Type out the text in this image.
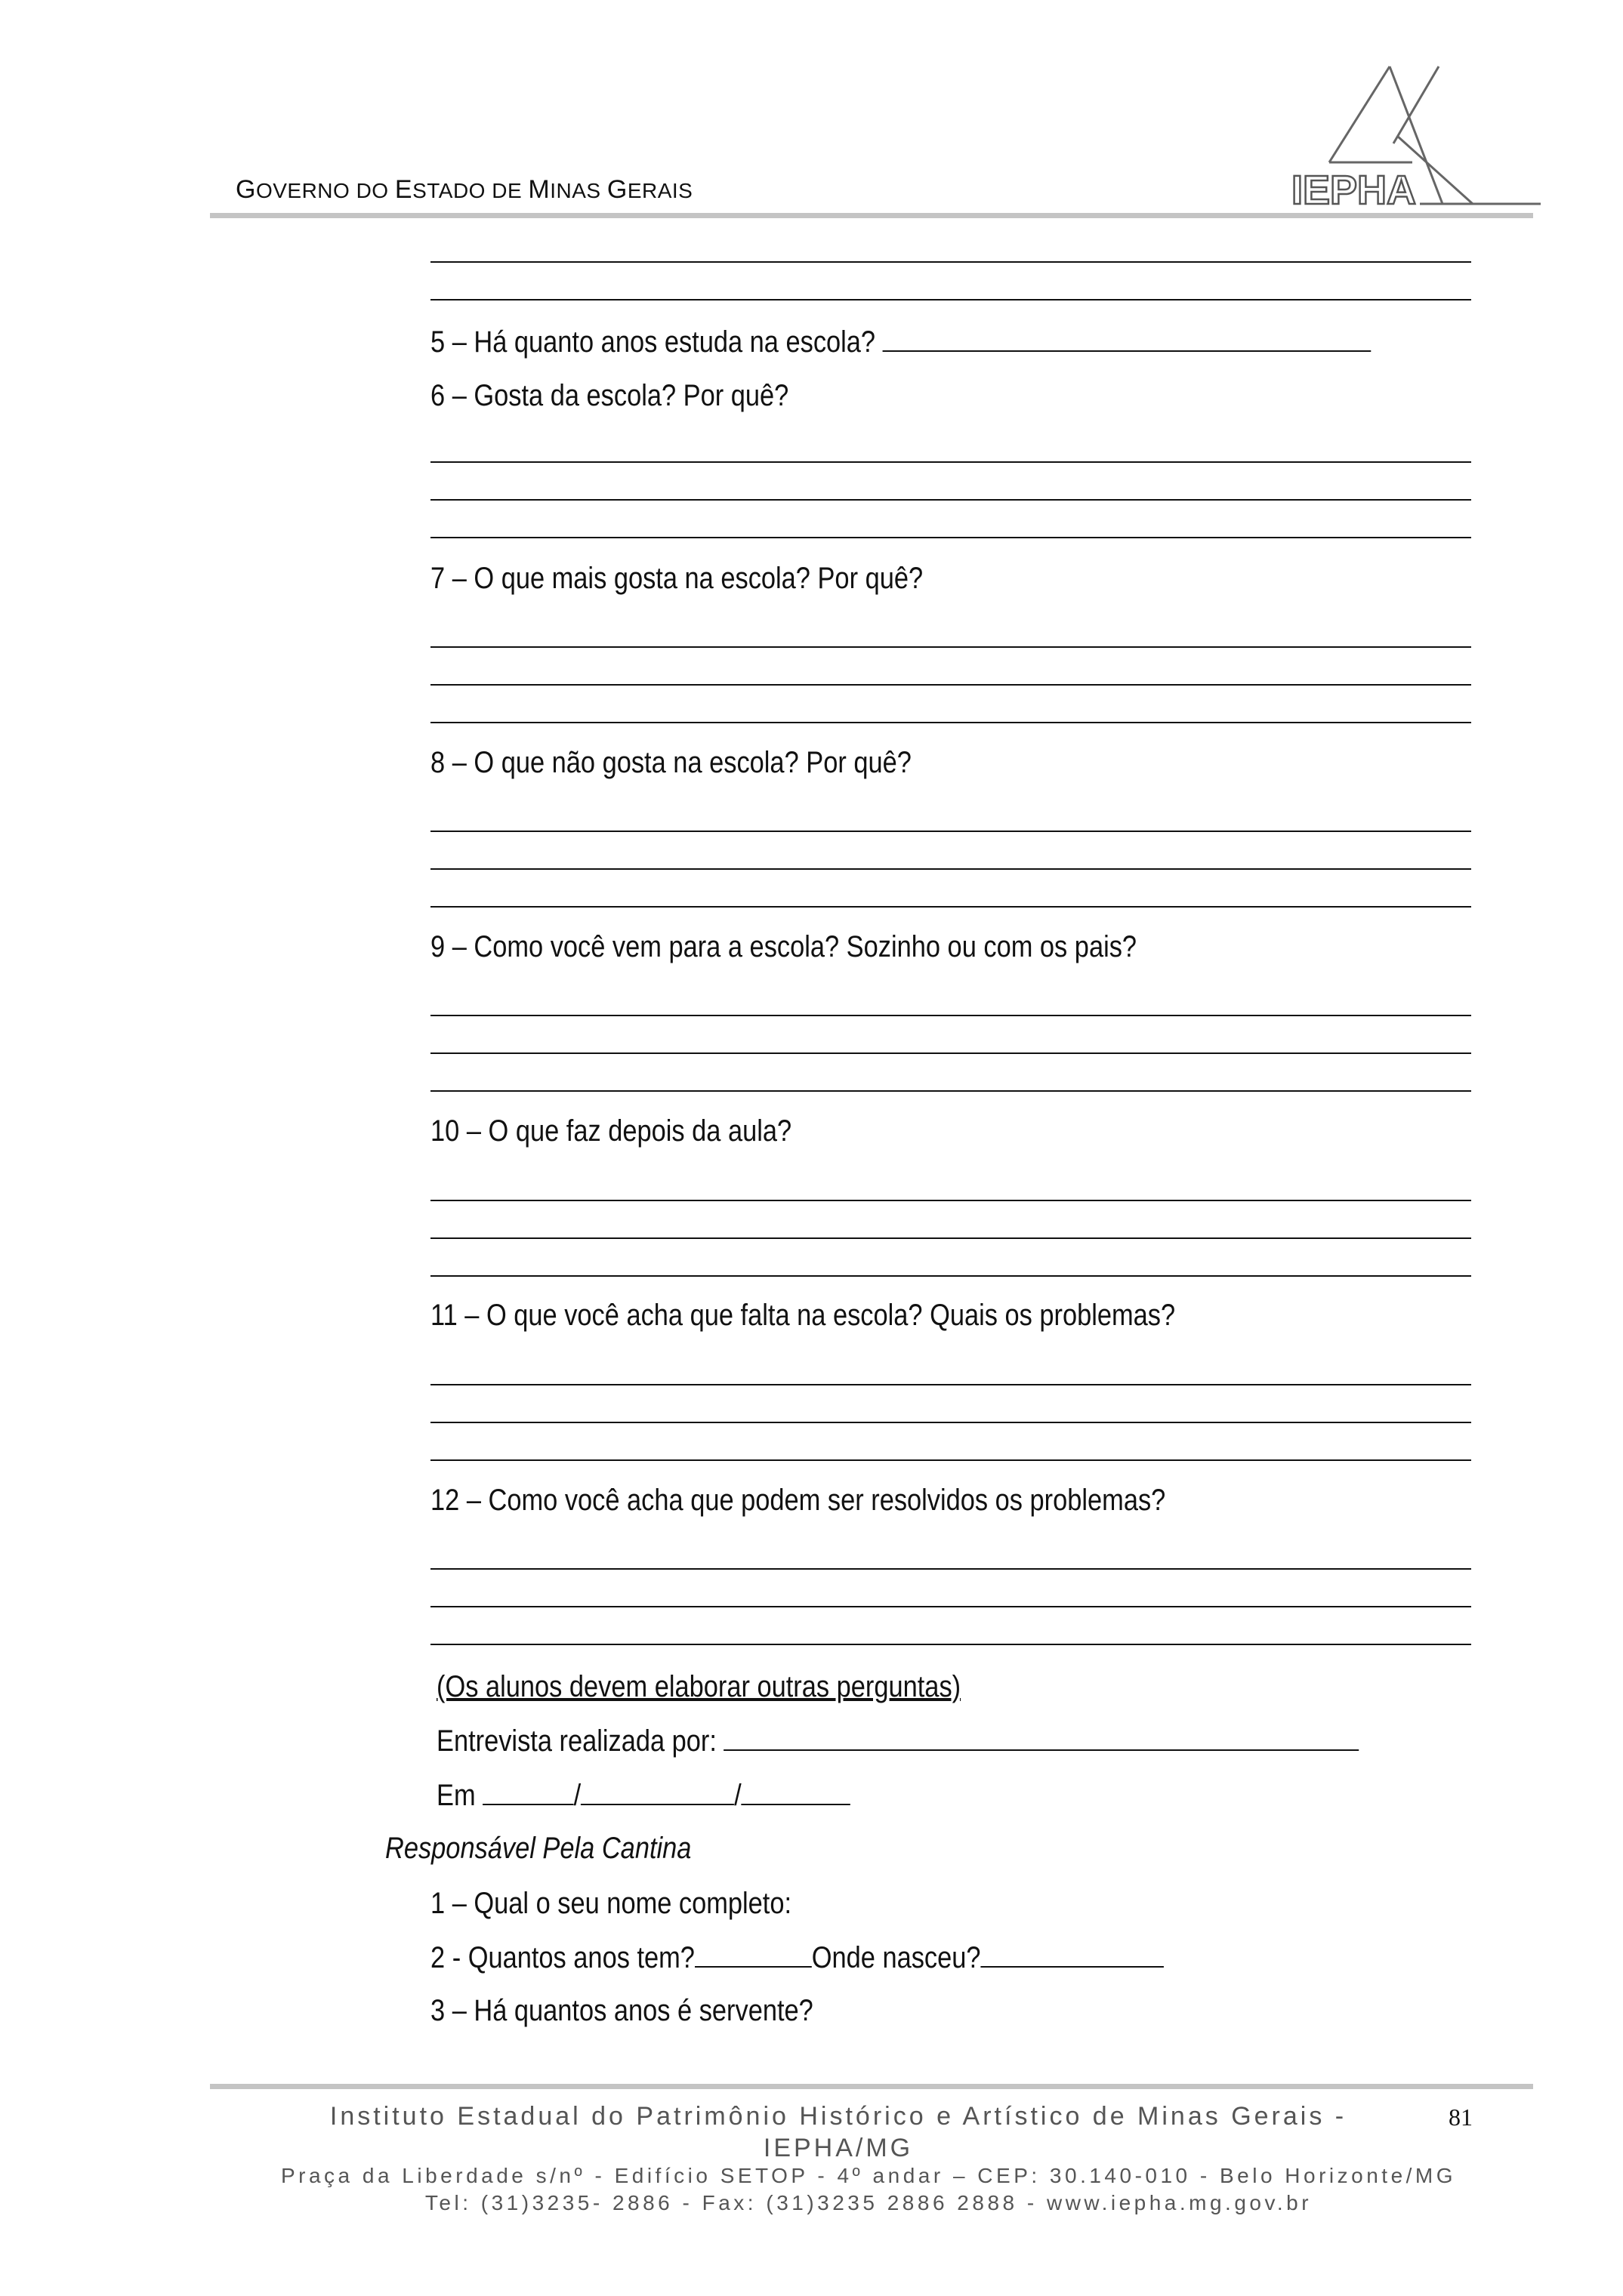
GOVERNO DO ESTADO DE MINAS GERAIS	IEPHA
5 – Há quanto anos estuda na escola?
6 – Gosta da escola? Por quê?
7 – O que mais gosta na escola? Por quê?
8 – O que não gosta na escola? Por quê?
9 – Como você vem para a escola? Sozinho ou com os pais?
10 – O que faz depois da aula?
11 – O que você acha que falta na escola? Quais os problemas?
12 – Como você acha que podem ser resolvidos os problemas?
(Os alunos devem elaborar outras perguntas)
Entrevista realizada por:
Em	/	/
Responsável Pela Cantina
1 – Qual o seu nome completo:
2 - Quantos anos tem?	Onde nasceu?
3 – Há quantos anos é servente?
Instituto Estadual do Patrimônio Histórico e Artístico de Minas Gerais - IEPHA/MG
81
Praça da Liberdade s/nº - Edifício SETOP - 4º andar – CEP: 30.140-010 - Belo Horizonte/MG
Tel: (31)3235- 2886 - Fax: (31)3235 2886 2888 - www.iepha.mg.gov.br
